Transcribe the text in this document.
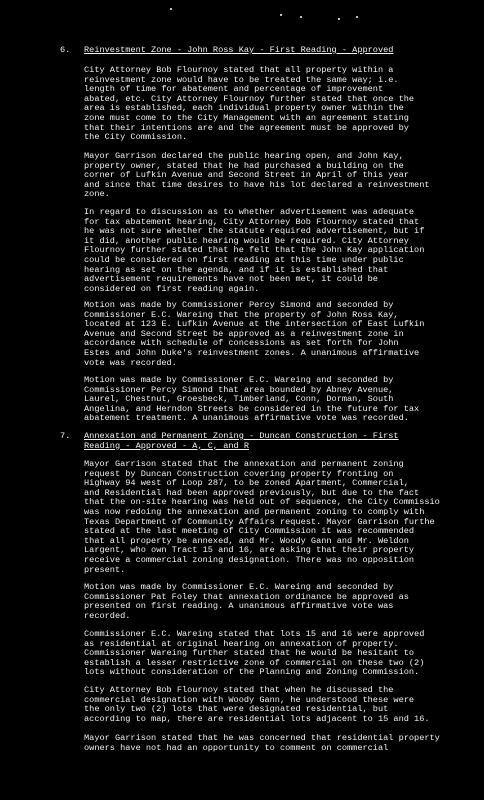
6. Reinvestment Zone - John Ross Kay - First Reading - Approved
City Attorney Bob Flournoy stated that all property within a
reinvestment zone would have to be treated the same way; i.e.
length of time for abatement and percentage of improvement
abated, etc. City Attorney Flournoy further stated that once the
area is established, each individual property owner within the
zone must come to the City Management with an agreement stating
that their intentions are and the agreement must be approved by
the City Commission.
Mayor Garrison declared the public hearing open, and John Kay,
property owner, stated that he had purchased a building on the
corner of Lufkin Avenue and Second Street in April of this year
and since that time desires to have his lot declared a reinvestment
zone.
In regard to discussion as to whether advertisement was adequate
for tax abatement hearing, City Attorney Bob Flournoy stated that
he was not sure whether the statute required advertisement, but if
it did, another public hearing would be required. City Attorney
Flournoy further stated that he felt that the John Kay application
could be considered on first reading at this time under public
hearing as set on the agenda, and if it is established that
advertisement requirements have not been met, it could be
considered on first reading again.
Motion was made by Commissioner Percy Simond and seconded by
Commissioner E.C. Wareing that the property of John Ross Kay,
located at 123 E. Lufkin Avenue at the intersection of East Lufkin
Avenue and Second Street be approved as a reinvestment zone in
accordance with schedule of concessions as set forth for John
Estes and John Duke's reinvestment zones. A unanimous affirmative
vote was recorded.
Motion was made by Commissioner E.C. Wareing and seconded by
Commissioner Percy Simond that area bounded by Abney Avenue,
Laurel, Chestnut, Groesbeck, Timberland, Conn, Dorman, South
Angelina, and Herndon Streets be considered in the future for tax
abatement treatment. A unanimous affirmative vote was recorded.
7. Annexation and Permanent Zoning - Duncan Construction - First
Reading - Approved - A, C, and R
Mayor Garrison stated that the annexation and permanent zoning
request by Duncan Construction covering property fronting on
Highway 94 west of Loop 287, to be zoned Apartment, Commercial,
and Residential had been approved previously, but due to the fact
that the on-site hearing was held out of sequence, the City Commissio
was now redoing the annexation and permanent zoning to comply with
Texas Department of Community Affairs request. Mayor Garrison furthe
stated at the last meeting of City Commission it was recommended
that all property be annexed, and Mr. Woody Gann and Mr. Weldon
Largent, who own Tract 15 and 16, are asking that their property
receive a commercial zoning designation. There was no opposition
present.
Motion was made by Commissioner E.C. Wareing and seconded by
Commissioner Pat Foley that annexation ordinance be approved as
presented on first reading. A unanimous affirmative vote was
recorded.
Commissioner E.C. Wareing stated that lots 15 and 16 were approved
as residential at original hearing on annexation of property.
Commissioner Wareing further stated that he would be hesitant to
establish a lesser restrictive zone of commercial on these two (2)
lots without consideration of the Planning and Zoning Commission.
City Attorney Bob Flournoy stated that when he discussed the
commercial designation with Woody Gann, he understood these were
the only two (2) lots that were designated residential, but
according to map, there are residential lots adjacent to 15 and 16.
Mayor Garrison stated that he was concerned that residential property
owners have not had an opportunity to comment on commercial
